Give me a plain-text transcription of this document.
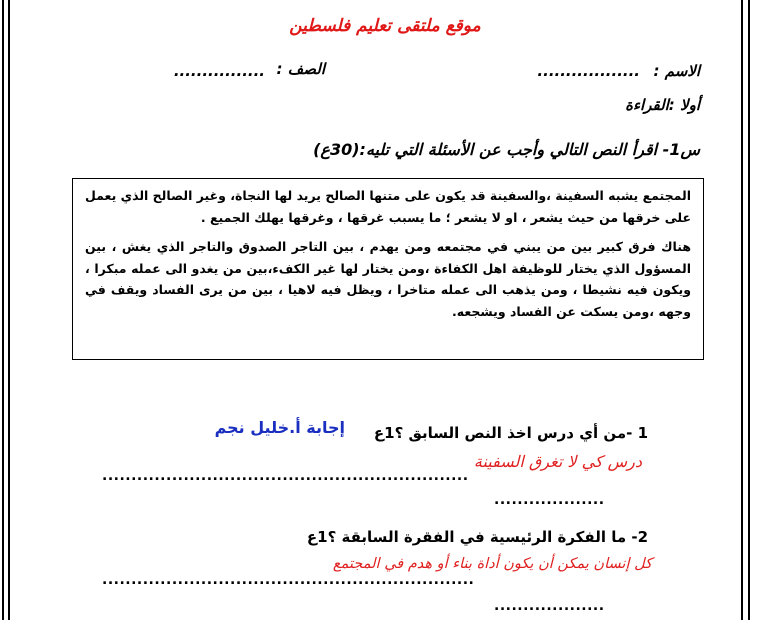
موقع ملتقى تعليم فلسطين
الاسم :
..................
الصف :
................
أولا :القراءة
س1- اقرأ النص التالي وأجب عن الأسئلة التي تليه:(30ع)

المجتمع يشبه السفينة ،والسفينة قد يكون على متنها الصالح يريد لها النجاة، وغير الصالح الذي يعمل على خرقها من حيث يشعر ، او لا يشعر ؛ ما يسبب غرقها ، وغرقها يهلك الجميع .

هناك فرق كبير بين من يبني في مجتمعه ومن يهدم ، بين التاجر الصدوق والتاجر الذي يغش ، بين المسؤول الذي يختار للوظيفة اهل الكفاءة ،ومن يختار لها غير الكفء،بين من يغدو الى عمله مبكرا ، ويكون فيه نشيطا ، ومن يذهب الى عمله متاخرا ، ويظل فيه لاهيا ، بين من يرى الفساد ويقف في وجهه ،ومن يسكت عن الفساد ويشجعه.

1 -من أي درس اخذ النص السابق ؟1ع
إجابة أ.خليل نجم
درس كي لا تغرق السفينة
...............................................................
...................
2- ما الفكرة الرئيسية في الفقرة السابقة ؟1ع
كل إنسان يمكن أن يكون أداة بناء أو هدم في المجتمع
................................................................
...................
